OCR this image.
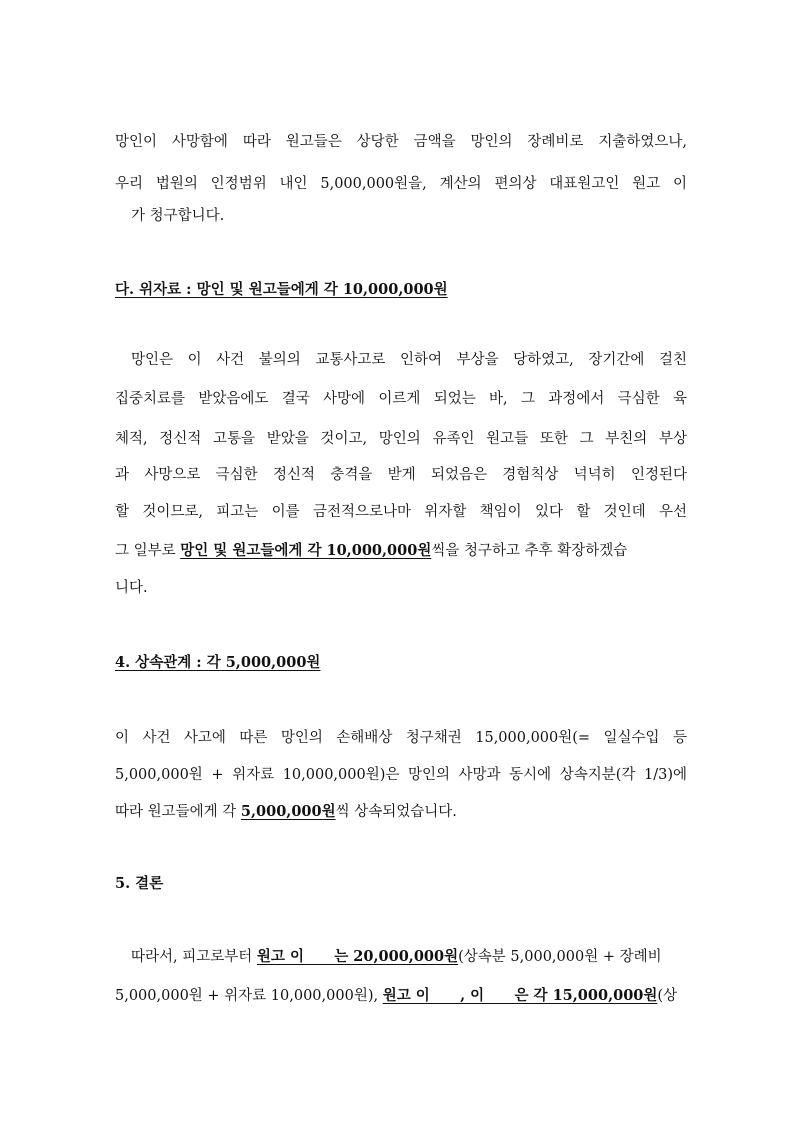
망인이 사망함에 따라 원고들은 상당한 금액을 망인의 장례비로 지출하였으나,
우리 법원의 인정범위 내인 5,000,000원을, 계산의 편의상 대표원고인 원고 이
가 청구합니다.
다. 위자료 : 망인 및 원고들에게 각 10,000,000원
망인은 이 사건 불의의 교통사고로 인하여 부상을 당하였고, 장기간에 걸친
집중치료를 받았음에도 결국 사망에 이르게 되었는 바, 그 과정에서 극심한 육
체적, 정신적 고통을 받았을 것이고, 망인의 유족인 원고들 또한 그 부친의 부상
과 사망으로 극심한 정신적 충격을 받게 되었음은 경험칙상 넉넉히 인정된다
할 것이므로, 피고는 이를 금전적으로나마 위자할 책임이 있다 할 것인데 우선
그 일부로 망인 및 원고들에게 각 10,000,000원씩을 청구하고 추후 확장하겠습
니다.
4. 상속관계 : 각 5,000,000원
이 사건 사고에 따른 망인의 손해배상 청구채권 15,000,000원(= 일실수입 등
5,000,000원 + 위자료 10,000,000원)은 망인의 사망과 동시에 상속지분(각 1/3)에
따라 원고들에게 각 5,000,000원씩 상속되었습니다.
5. 결론
따라서, 피고로부터 원고 이      는 20,000,000원(상속분 5,000,000원 + 장례비
5,000,000원 + 위자료 10,000,000원), 원고 이      , 이      은 각 15,000,000원(상
